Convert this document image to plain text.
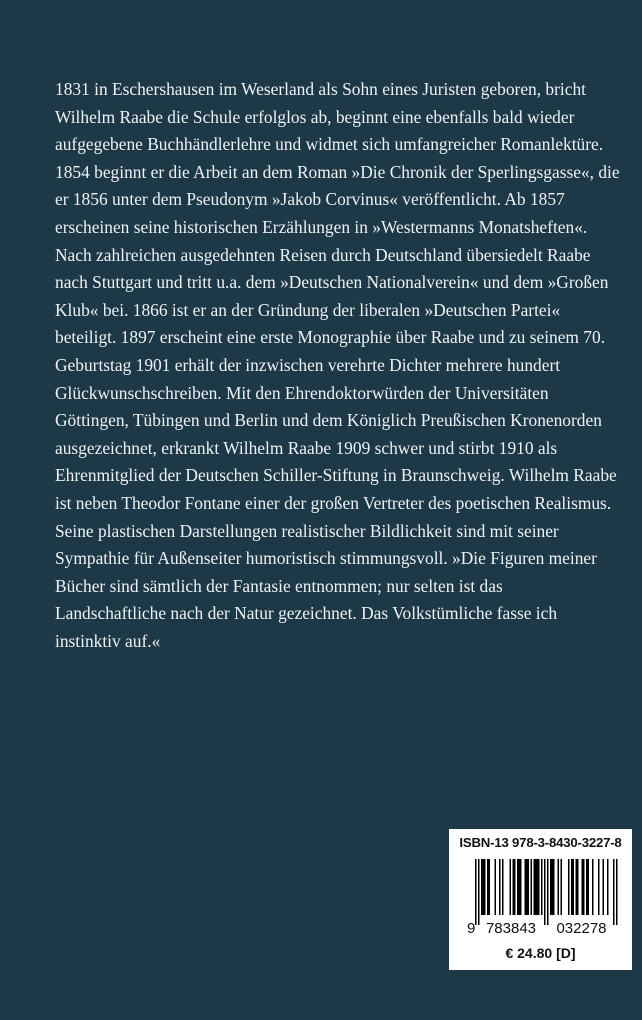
1831 in Eschershausen im Weserland als Sohn eines Juristen geboren, bricht
Wilhelm Raabe die Schule erfolglos ab, beginnt eine ebenfalls bald wieder
aufgegebene Buchhändlerlehre und widmet sich umfangreicher Romanlektüre.
1854 beginnt er die Arbeit an dem Roman »Die Chronik der Sperlingsgasse«, die
er 1856 unter dem Pseudonym »Jakob Corvinus« veröffentlicht. Ab 1857
erscheinen seine historischen Erzählungen in »Westermanns Monatsheften«.
Nach zahlreichen ausgedehnten Reisen durch Deutschland übersiedelt Raabe
nach Stuttgart und tritt u.a. dem »Deutschen Nationalverein« und dem »Großen
Klub« bei. 1866 ist er an der Gründung der liberalen »Deutschen Partei«
beteiligt. 1897 erscheint eine erste Monographie über Raabe und zu seinem 70.
Geburtstag 1901 erhält der inzwischen verehrte Dichter mehrere hundert
Glückwunschschreiben. Mit den Ehrendoktorwürden der Universitäten
Göttingen, Tübingen und Berlin und dem Königlich Preußischen Kronenorden
ausgezeichnet, erkrankt Wilhelm Raabe 1909 schwer und stirbt 1910 als
Ehrenmitglied der Deutschen Schiller-Stiftung in Braunschweig. Wilhelm Raabe
ist neben Theodor Fontane einer der großen Vertreter des poetischen Realismus.
Seine plastischen Darstellungen realistischer Bildlichkeit sind mit seiner
Sympathie für Außenseiter humoristisch stimmungsvoll. »Die Figuren meiner
Bücher sind sämtlich der Fantasie entnommen; nur selten ist das
Landschaftliche nach der Natur gezeichnet. Das Volkstümliche fasse ich
instinktiv auf.«
ISBN-13 978-3-8430-3227-8
9 783843 032278
€ 24.80 [D]
